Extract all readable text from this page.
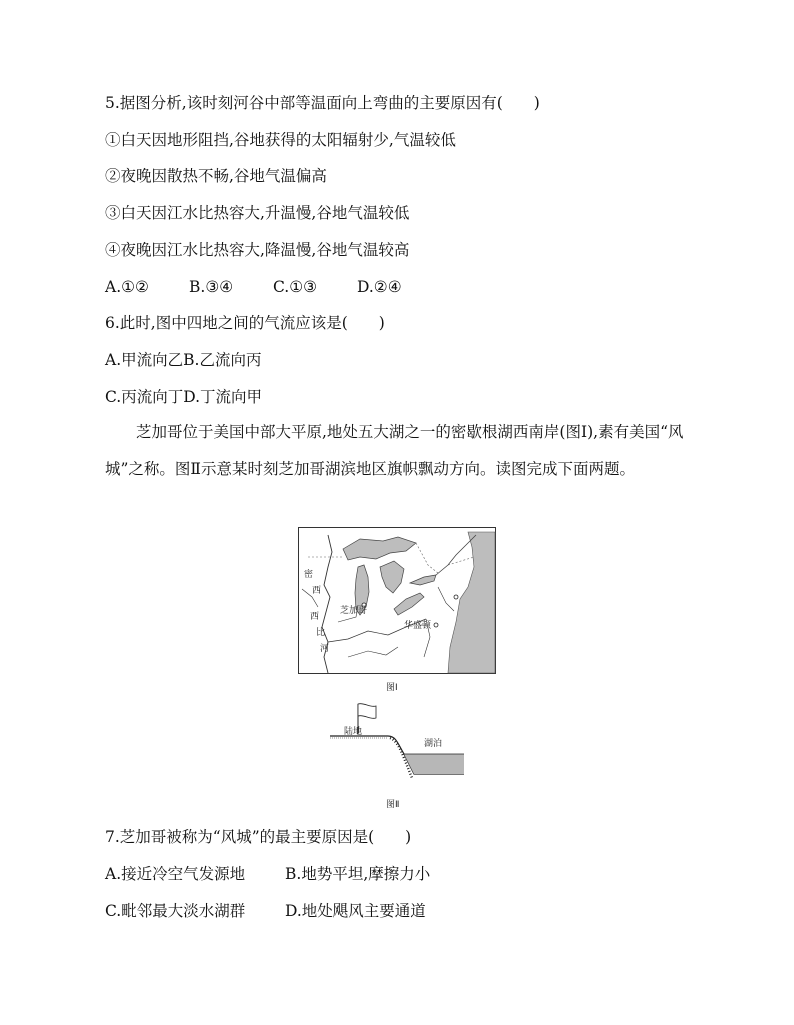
5.据图分析,该时刻河谷中部等温面向上弯曲的主要原因有(　　)
①白天因地形阻挡,谷地获得的太阳辐射少,气温较低
②夜晚因散热不畅,谷地气温偏高
③白天因江水比热容大,升温慢,谷地气温较低
④夜晚因江水比热容大,降温慢,谷地气温较高
A.①②	B.③④	C.①③	D.②④
6.此时,图中四地之间的气流应该是(　　)
A.甲流向乙B.乙流向丙
C.丙流向丁D.丁流向甲
芝加哥位于美国中部大平原,地处五大湖之一的密歇根湖西南岸(图Ⅰ),素有美国“风城”之称。图Ⅱ示意某时刻芝加哥湖滨地区旗帜飘动方向。读图完成下面两题。
密
西
西
比
河
芝加哥
华盛顿
图Ⅰ
陆地
湖泊
图Ⅱ
7.芝加哥被称为“风城”的最主要原因是(　　)
A.接近冷空气发源地	B.地势平坦,摩擦力小
C.毗邻最大淡水湖群	D.地处飓风主要通道
